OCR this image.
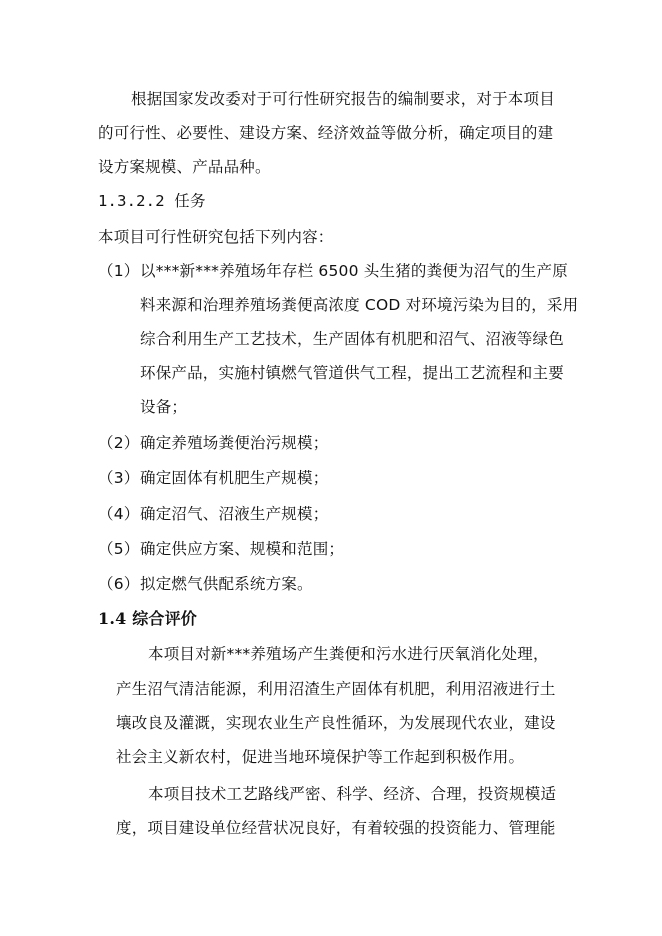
根据国家发改委对于可行性研究报告的编制要求，对于本项目
的可行性、必要性、建设方案、经济效益等做分析，确定项目的建
设方案规模、产品品种。
1.3.2.2 任务
本项目可行性研究包括下列内容：
（1） 以***新***养殖场年存栏 6500 头生猪的粪便为沼气的生产原
料来源和治理养殖场粪便高浓度 COD 对环境污染为目的，采用
综合利用生产工艺技术，生产固体有机肥和沼气、沼液等绿色
环保产品，实施村镇燃气管道供气工程，提出工艺流程和主要
设备；
（2） 确定养殖场粪便治污规模；
（3） 确定固体有机肥生产规模；
（4） 确定沼气、沼液生产规模；
（5） 确定供应方案、规模和范围；
（6） 拟定燃气供配系统方案。
1.4 综合评价
本项目对新***养殖场产生粪便和污水进行厌氧消化处理，
产生沼气清洁能源，利用沼渣生产固体有机肥，利用沼液进行土
壤改良及灌溉，实现农业生产良性循环，为发展现代农业，建设
社会主义新农村，促进当地环境保护等工作起到积极作用。
本项目技术工艺路线严密、科学、经济、合理，投资规模适
度，项目建设单位经营状况良好，有着较强的投资能力、管理能
